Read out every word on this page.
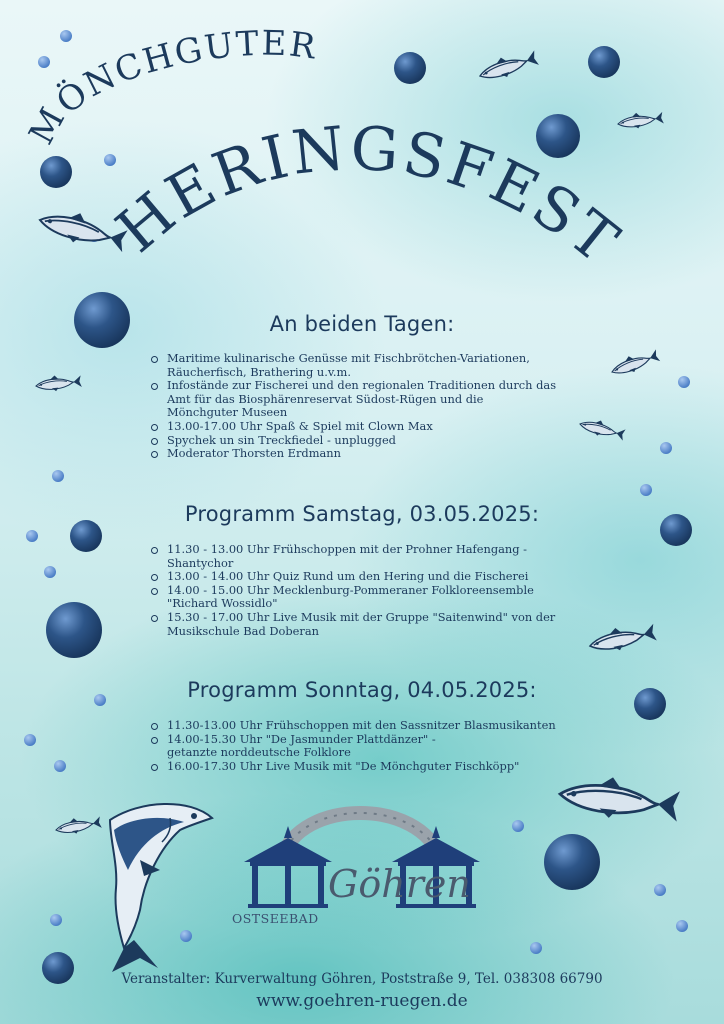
MÖNCHGUTER
HERINGSFEST
An beiden Tagen:
Maritime kulinarische Genüsse mit Fischbrötchen-Variationen,
Räucherfisch, Brathering u.v.m.
Infostände zur Fischerei und den regionalen Traditionen durch das
Amt für das Biosphärenreservat Südost-Rügen und die
Mönchguter Museen
13.00-17.00 Uhr Spaß & Spiel mit Clown Max
Spychek un sin Treckfiedel - unplugged
Moderator Thorsten Erdmann
Programm Samstag, 03.05.2025:
11.30 - 13.00 Uhr Frühschoppen mit der Prohner Hafengang -
Shantychor
13.00 - 14.00 Uhr Quiz Rund um den Hering und die Fischerei
14.00 - 15.00 Uhr Mecklenburg-Pommeraner Folkloreensemble
"Richard Wossidlo"
15.30 - 17.00 Uhr Live Musik mit der Gruppe "Saitenwind" von der
Musikschule Bad Doberan
Programm Sonntag, 04.05.2025:
11.30-13.00 Uhr Frühschoppen mit den Sassnitzer Blasmusikanten
14.00-15.30 Uhr "De Jasmunder Plattdänzer" -
getanzte norddeutsche Folklore
16.00-17.30 Uhr Live Musik mit "De Mönchguter Fischköpp"
Göhren
OSTSEEBAD
Veranstalter: Kurverwaltung Göhren, Poststraße 9, Tel. 038308 66790
www.goehren-ruegen.de
